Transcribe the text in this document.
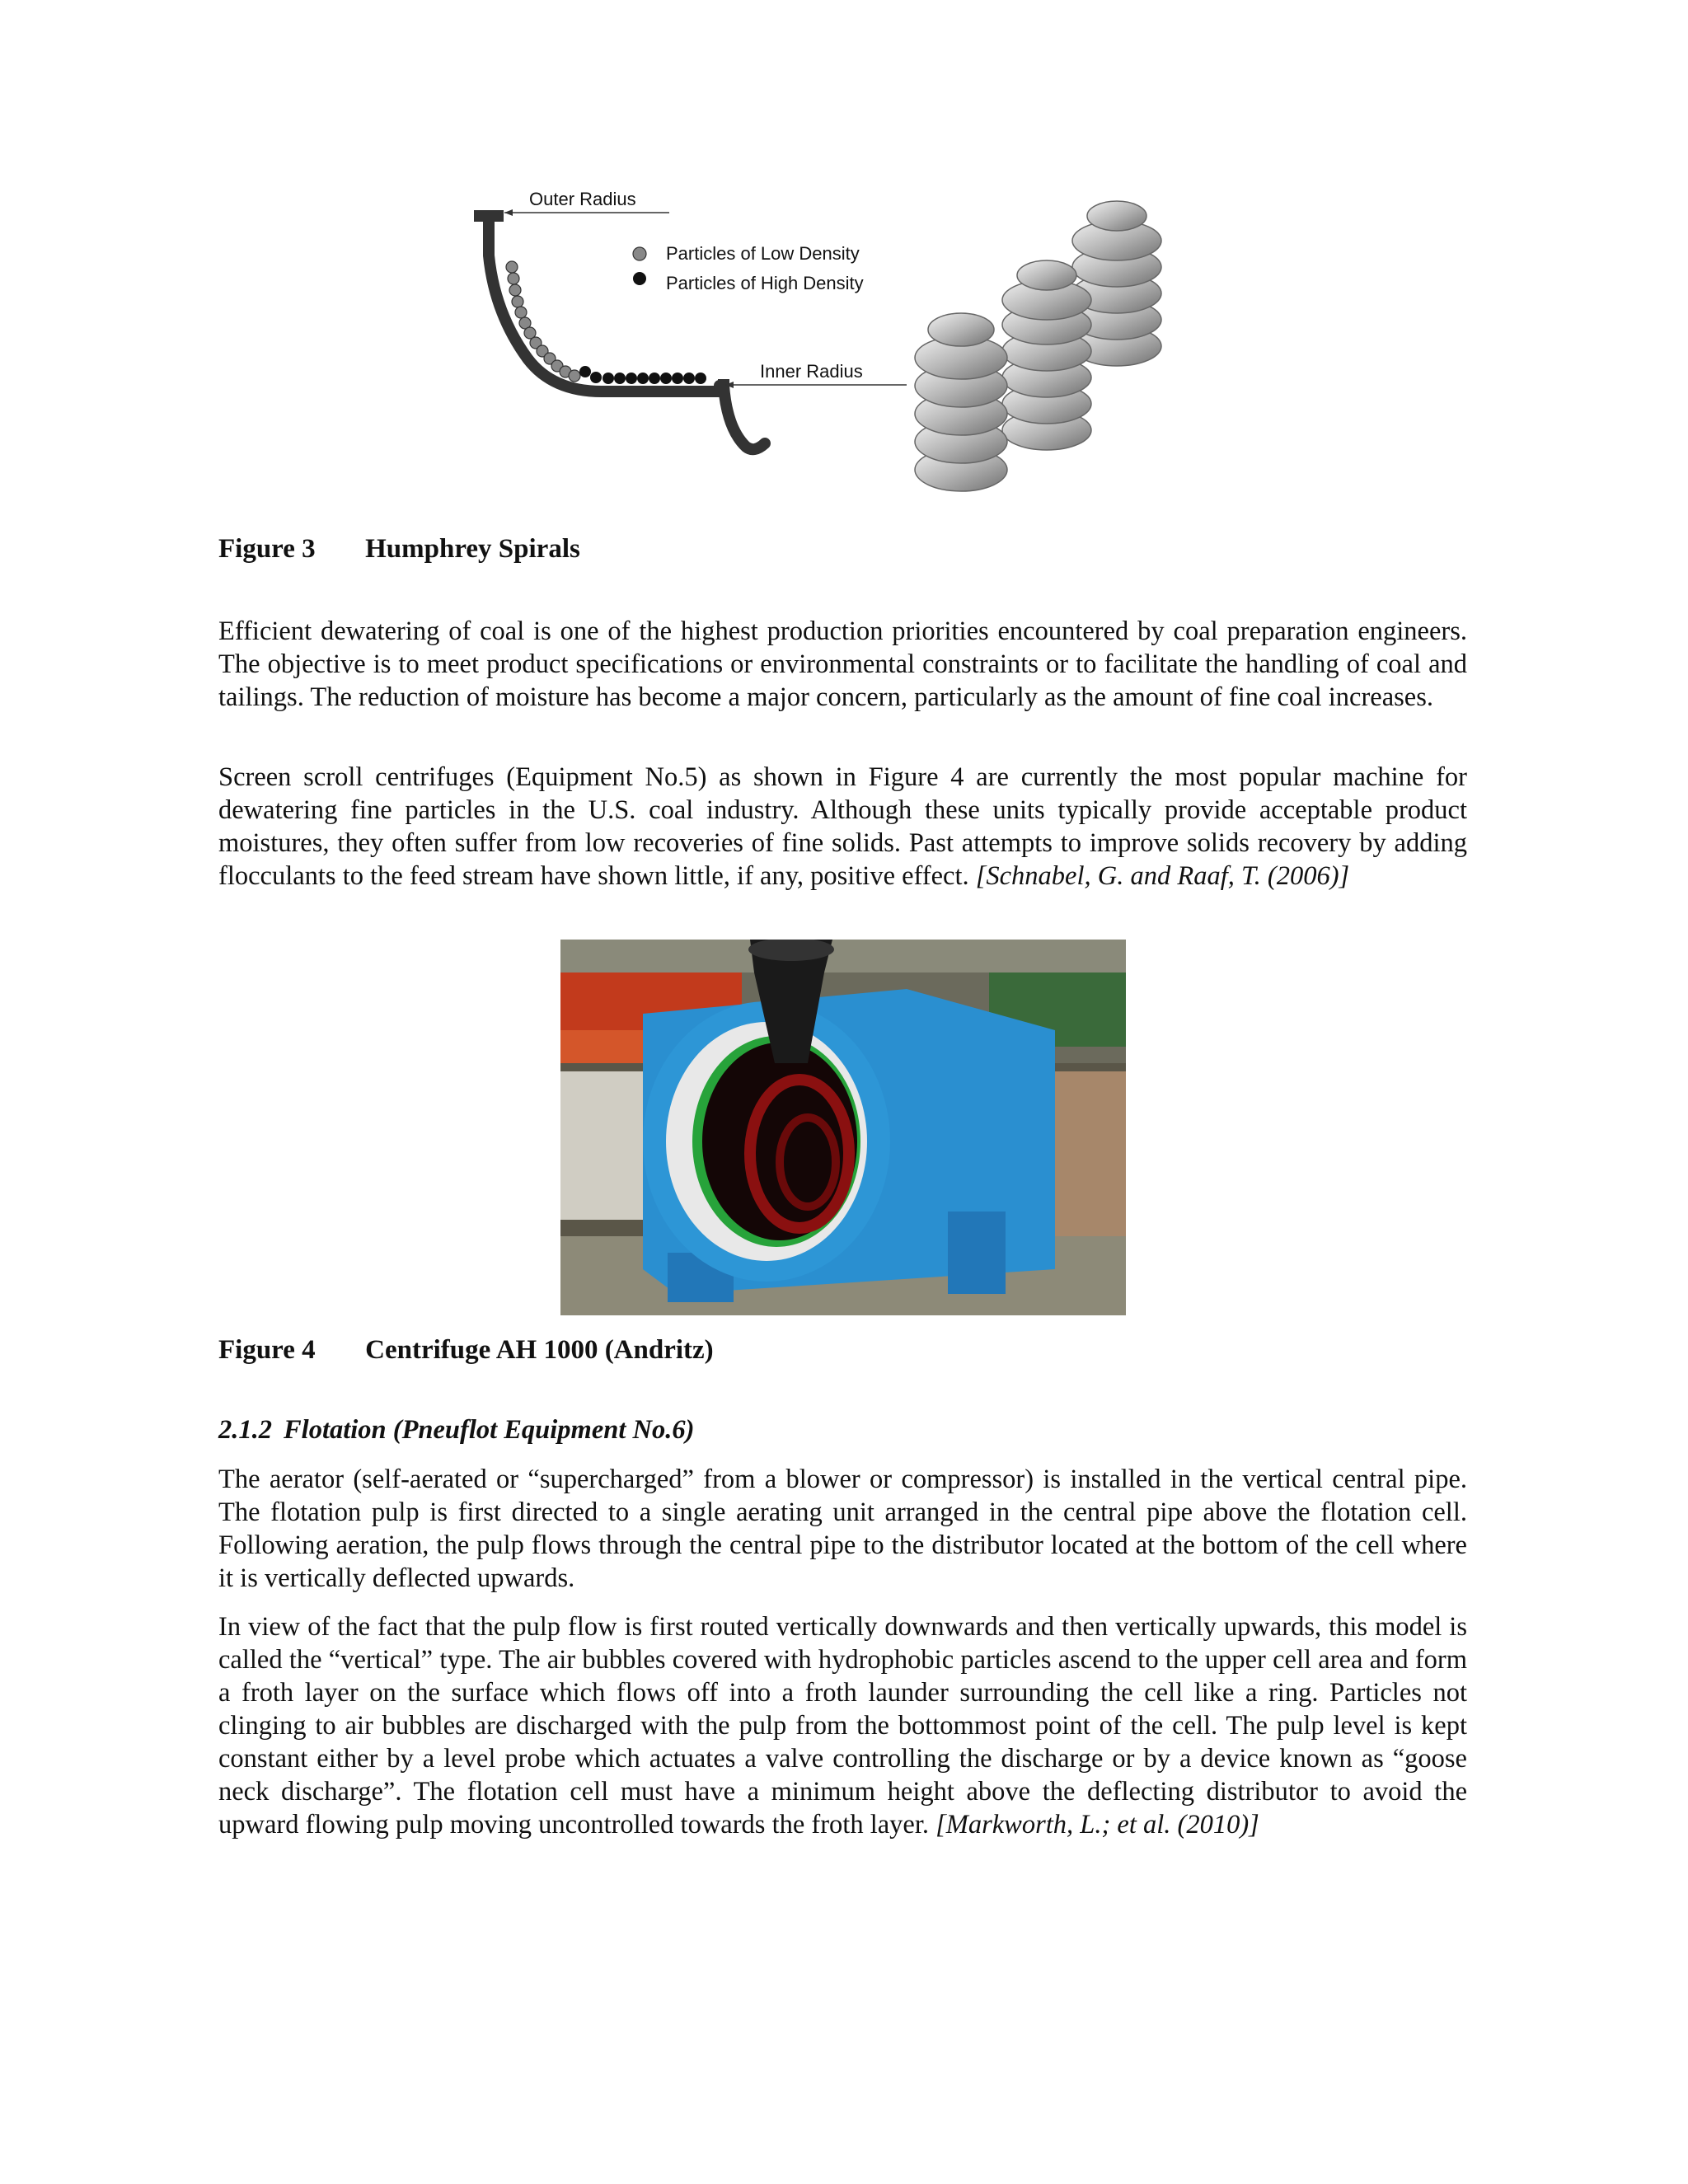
Outer Radius
Inner Radius
Particles of Low Density
Particles of High Density
Figure 3 Humphrey Spirals

Efficient dewatering of coal is one of the highest production priorities encountered by coal preparation engineers. The objective is to meet product specifications or environmental constraints or to facilitate the handling of coal and tailings. The reduction of moisture has become a major concern, particularly as the amount of fine coal increases.

Screen scroll centrifuges (Equipment No.5) as shown in Figure 4 are currently the most popular machine for dewatering fine particles in the U.S. coal industry. Although these units typically provide acceptable product moistures, they often suffer from low recoveries of fine solids. Past attempts to improve solids recovery by adding flocculants to the feed stream have shown little, if any, positive effect. [Schnabel, G. and Raaf, T. (2006)]

Figure 4 Centrifuge AH 1000 (Andritz)
2.1.2 Flotation (Pneuflot Equipment No.6)

The aerator (self-aerated or “supercharged” from a blower or compressor) is installed in the vertical central pipe. The flotation pulp is first directed to a single aerating unit arranged in the central pipe above the flotation cell. Following aeration, the pulp flows through the central pipe to the distributor located at the bottom of the cell where it is vertically deflected upwards.

In view of the fact that the pulp flow is first routed vertically downwards and then vertically upwards, this model is called the “vertical” type. The air bubbles covered with hydrophobic particles ascend to the upper cell area and form a froth layer on the surface which flows off into a froth launder surrounding the cell like a ring. Particles not clinging to air bubbles are discharged with the pulp from the bottommost point of the cell. The pulp level is kept constant either by a level probe which actuates a valve controlling the discharge or by a device known as “goose neck discharge”. The flotation cell must have a minimum height above the deflecting distributor to avoid the upward flowing pulp moving uncontrolled towards the froth layer. [Markworth, L.; et al. (2010)]
